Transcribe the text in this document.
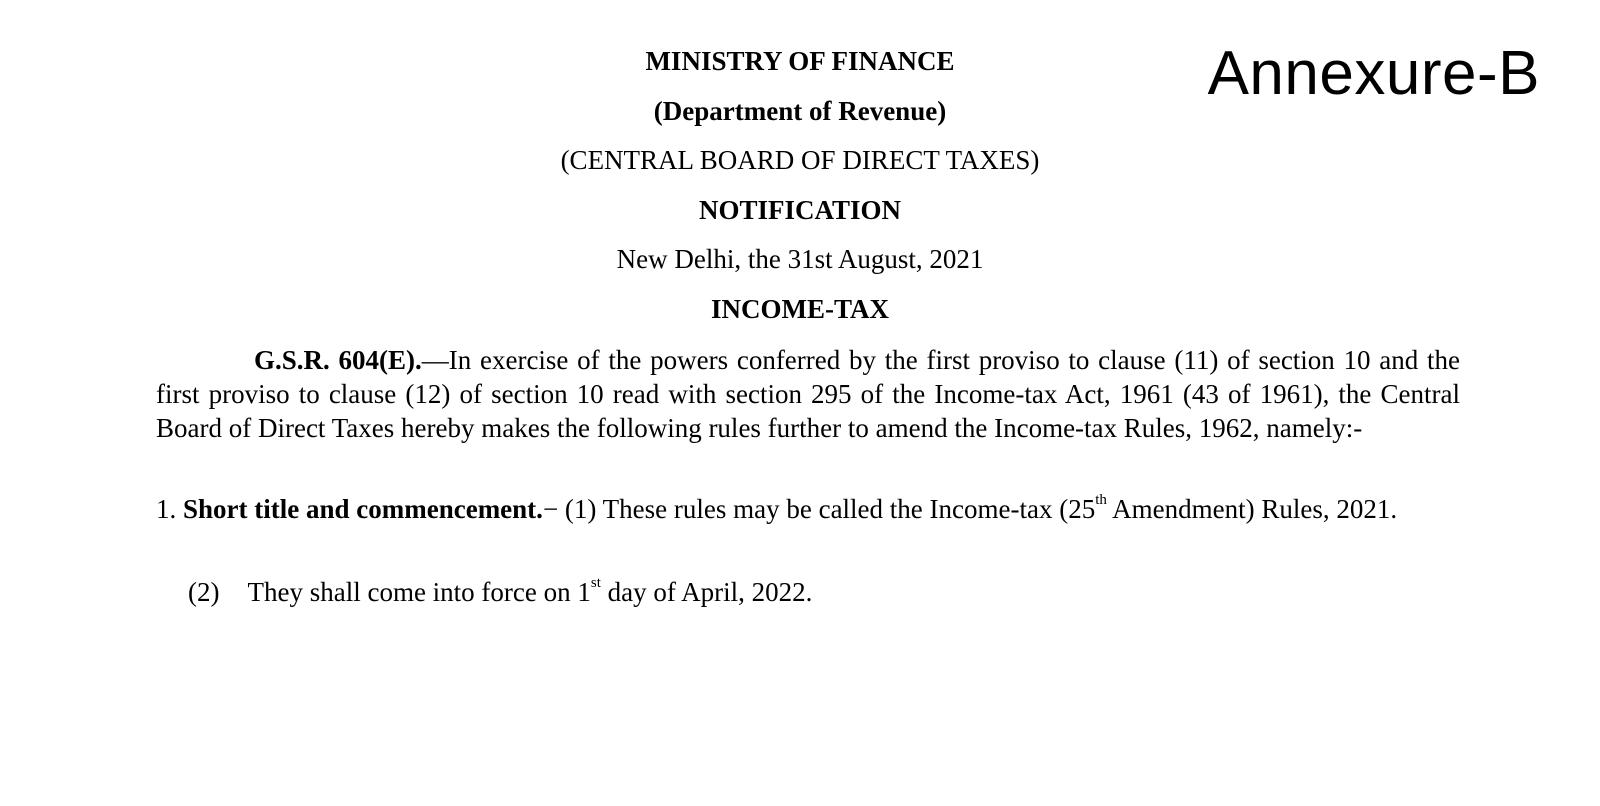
Annexure-B
MINISTRY OF FINANCE
(Department of Revenue)
(CENTRAL BOARD OF DIRECT TAXES)
NOTIFICATION
New Delhi, the 31st August, 2021
INCOME-TAX
G.S.R. 604(E).—In exercise of the powers conferred by the first proviso to clause (11) of section 10 and the first proviso to clause (12) of section 10 read with section 295 of the Income-tax Act, 1961 (43 of 1961), the Central Board of Direct Taxes hereby makes the following rules further to amend the Income-tax Rules, 1962, namely:-
1. Short title and commencement.− (1) These rules may be called the Income-tax (25th Amendment) Rules, 2021.
(2) They shall come into force on 1st day of April, 2022.
